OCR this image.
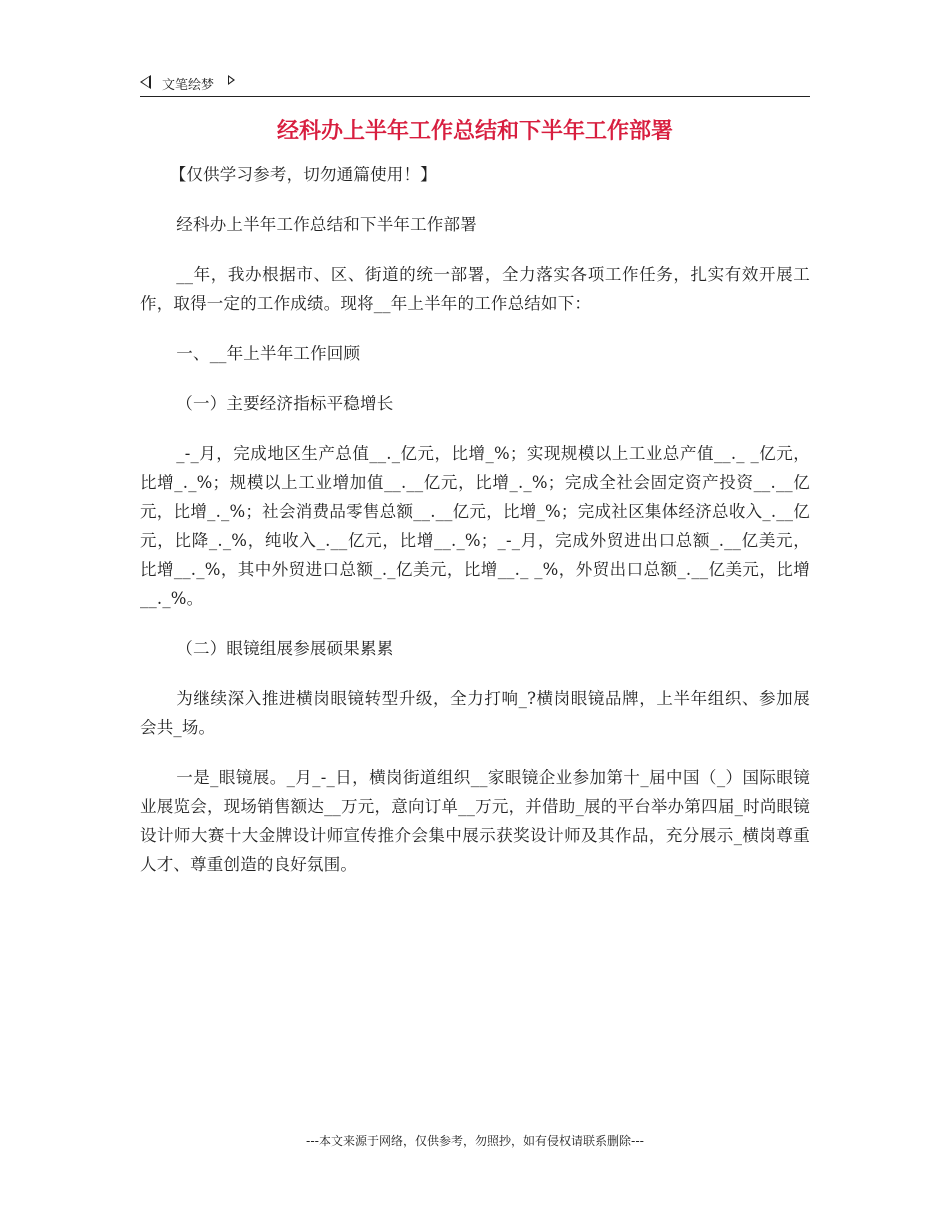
文笔绘梦
经科办上半年工作总结和下半年工作部署

【仅供学习参考，切勿通篇使用！】

经科办上半年工作总结和下半年工作部署

__年，我办根据市、区、街道的统一部署，全力落实各项工作任务，扎实有效开展工作，取得一定的工作成绩。现将__年上半年的工作总结如下：

一、__年上半年工作回顾

（一）主要经济指标平稳增长

_-_月，完成地区生产总值__._亿元，比增_%；实现规模以上工业总产值__._ _亿元，比增_._%；规模以上工业增加值__.__亿元，比增_._%；完成全社会固定资产投资__.__亿元，比增_._%；社会消费品零售总额__.__亿元，比增_%；完成社区集体经济总收入_.__亿元，比降_._%，纯收入_.__亿元，比增__._%；_-_月，完成外贸进出口总额_.__亿美元，比增__._%，其中外贸进口总额_._亿美元，比增__._ _%，外贸出口总额_.__亿美元，比增__._%。

（二）眼镜组展参展硕果累累

为继续深入推进横岗眼镜转型升级，全力打响_?横岗眼镜品牌，上半年组织、参加展会共_场。

一是_眼镜展。_月_-_日，横岗街道组织__家眼镜企业参加第十_届中国（_）国际眼镜业展览会，现场销售额达__万元，意向订单__万元，并借助_展的平台举办第四届_时尚眼镜设计师大赛十大金牌设计师宣传推介会集中展示获奖设计师及其作品，充分展示_横岗尊重人才、尊重创造的良好氛围。

---本文来源于网络，仅供参考，勿照抄，如有侵权请联系删除---
